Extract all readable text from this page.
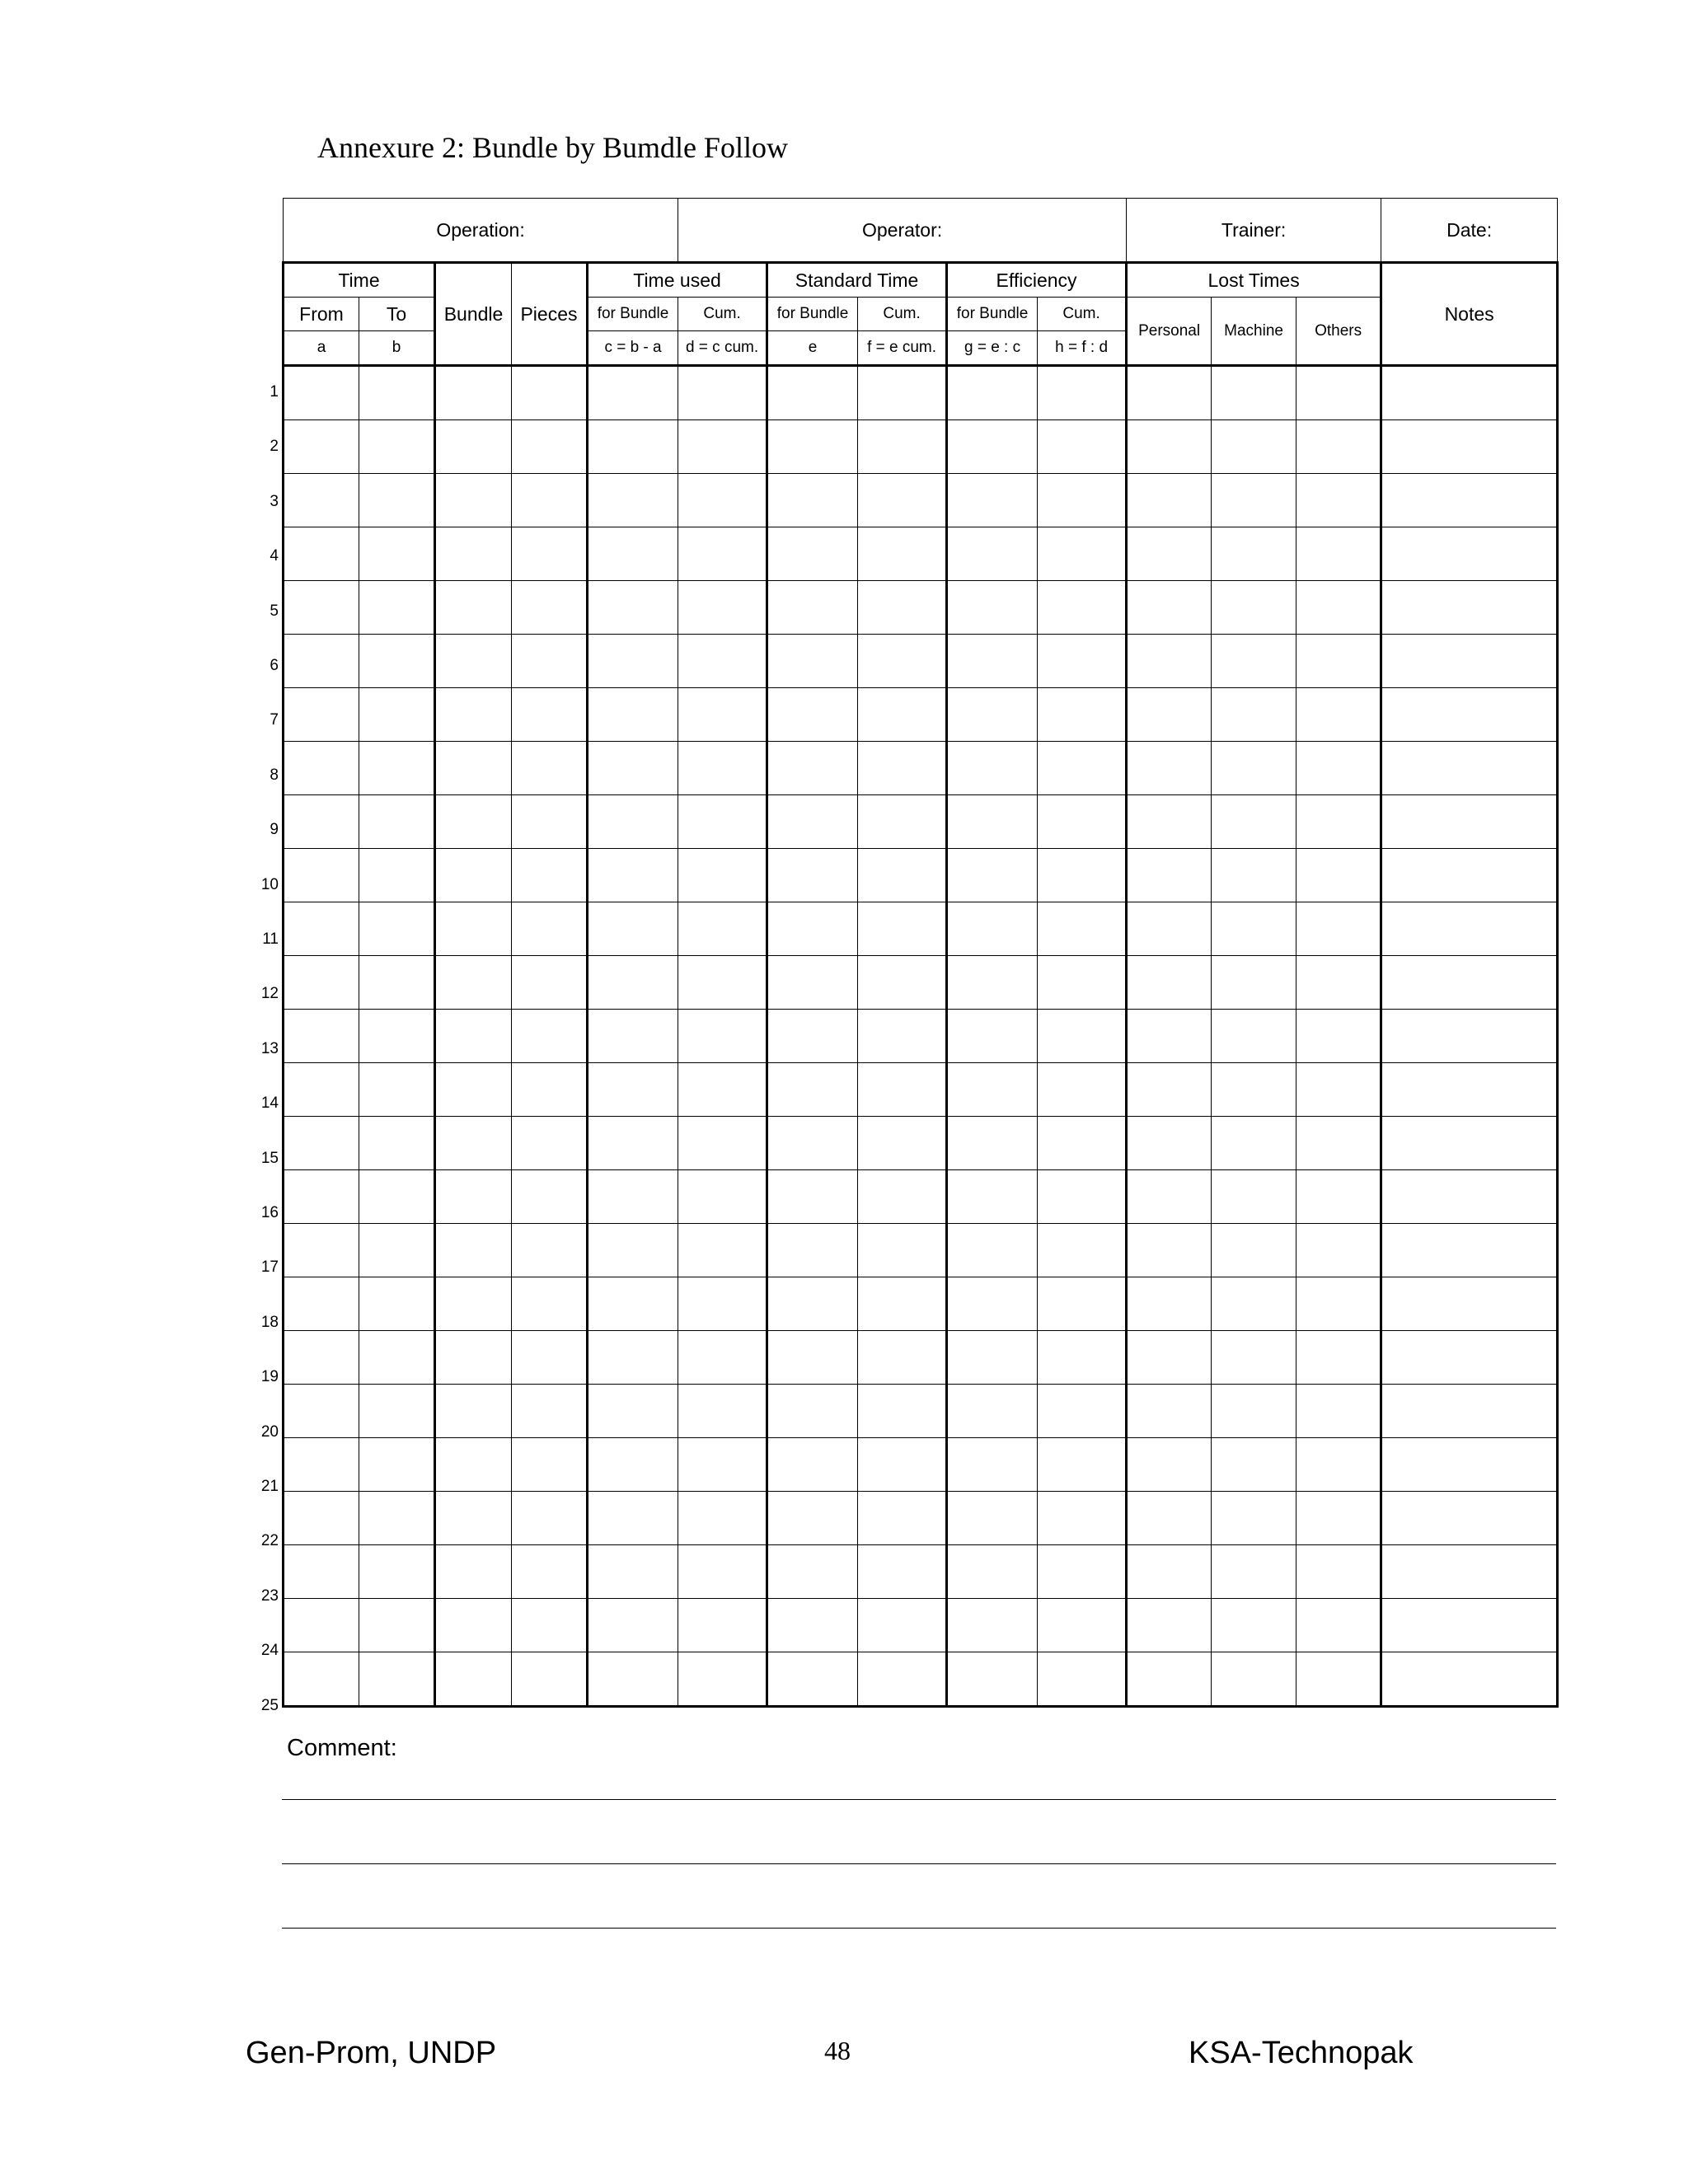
Annexure 2: Bundle by Bumdle Follow
Operation:					Operator:					Trainer:			Date:
Time		Bundle	Pieces	Time used		Standard Time		Efficiency		Lost Times			Notes
From	To			for Bundle	Cum.	for Bundle	Cum.	for Bundle	Cum.	Personal	Machine	Others	
a	b			c = b - a	d = c cum.	e	f = e cum.	g = e : c	h = f : d				

1
2
3
4
5
6
7
8
9
10
11
12
13
14
15
16
17
18
19
20
21
22
23
24
25
Comment:
Gen-Prom, UNDP	48	KSA-Technopak
